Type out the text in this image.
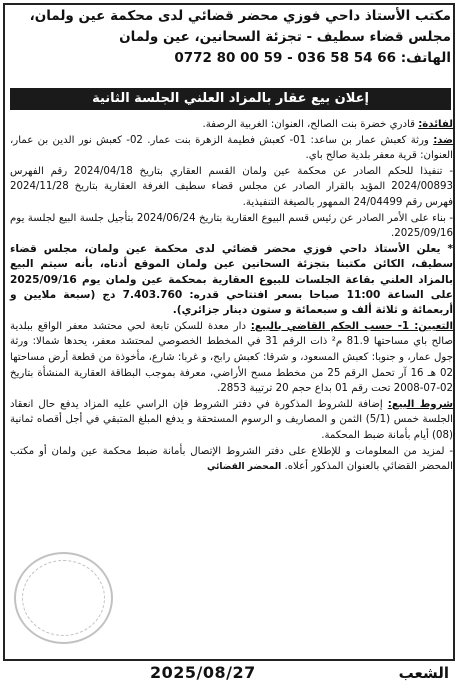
مكتب الأستاذ داحي فوزي محضر قضائي لدى محكمة عين ولمان،
مجلس قضاء سطيف - تجزئة السحانين، عين ولمان
الهاتف: 0772 80 00 59 - 036 58 54 66
إعلان بيع عقار بالمزاد العلني الجلسة الثانية

لفائدة: قادري خضرة بنت الصالح، العنوان: الغربية الرصفة.

ضد: ورثة كعبش عمار بن ساعد: 01- كعبش فطيمة الزهرة بنت عمار. 02- كعبش نور الدين بن عمار، العنوان: قرية معفر بلدية صالح باي.

- تنفيذا للحكم الصادر عن محكمة عين ولمان القسم العقاري بتاريخ 2024/04/18 رقم الفهرس 2024/00893 المؤيد بالقرار الصادر عن مجلس قضاء سطيف الغرفة العقارية بتاريخ 2024/11/28 فهرس رقم 24/04499 الممهور بالصيغة التنفيذية.

- بناء على الأمر الصادر عن رئيس قسم البيوع العقارية بتاريخ 2024/06/24 بتأجيل جلسة البيع لجلسة يوم 2025/09/16.

* يعلن الأستاذ داحي فوزي محضر قضائي لدى محكمة عين ولمان، مجلس قضاء سطيف، الكائن مكتبنا بتجزئة السحانين عين ولمان الموقع أدناه، بأنه سيتم البيع بالمزاد العلني بقاعة الجلسات للبيوع العقارية بمحكمة عين ولمان يوم 2025/09/16 على الساعة 11:00 صباحا بسعر افتتاحي قدره: 7.403.760 دج (سبعة ملايين و أربعمائة و ثلاثة ألف و سبعمائة و ستون دينار جزائري).

التعيين: 1- حسب الحكم القاضي بالبيع: دار معدة للسكن تابعة لحي محتشد معفر الواقع ببلدية صالح باي مساحتها 81.9 م² ذات الرقم 31 في المخطط الخصوصي لمحتشد معفر، يحدها شمالا: ورثة جول عمار، و جنوبا: كعبش المسعود، و شرقا: كعبش رابح، و غربا: شارع، مأخوذة من قطعة أرض مساحتها 02 هـ 16 آر تحمل الرقم 25 من مخطط مسح الأراضي، معرفة بموجب البطاقة العقارية المنشأة بتاريخ 02-07-2008 تحت رقم 01 بداع حجم 20 ترتيبة 2853.

شروط البيع: إضافة للشروط المذكورة في دفتر الشروط فإن الراسي عليه المزاد يدفع حال انعقاد الجلسة خمس (5/1) الثمن و المصاريف و الرسوم المستحقة و يدفع المبلغ المتبقي في أجل أقصاه ثمانية (08) أيام بأمانة ضبط المحكمة.

- لمزيد من المعلومات و للإطلاع على دفتر الشروط الإتصال بأمانة ضبط محكمة عين ولمان أو مكتب المحضر القضائي بالعنوان المذكور أعلاه. المحضر القضائي

الشعب
2025/08/27
